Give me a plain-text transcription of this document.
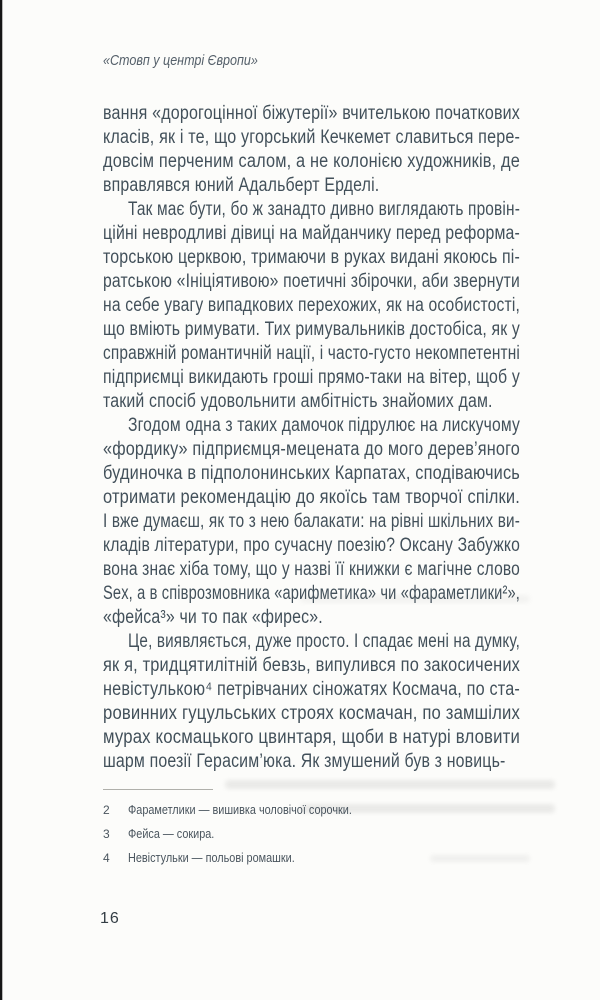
«Стовп у центрі Європи»
вання «дорогоцінної біжутерії» вчителькою початкових
класів, як і те, що угорський Кечкемет славиться пере-
довсім перченим салом, а не колонією художників, де
вправлявся юний Адальберт Ерделі.
Так має бути, бо ж занадто дивно виглядають провін-
ційні невродливі дівиці на майданчику перед реформа-
торською церквою, тримаючи в руках видані якоюсь пі-
ратською «Ініціятивою» поетичні збірочки, аби звернути
на себе увагу випадкових перехожих, як на особистості,
що вміють римувати. Тих римувальників достобіса, як у
справжній романтичній нації, і часто-густо некомпетентні
підприємці викидають гроші прямо-таки на вітер, щоб у
такий спосіб удовольнити амбітність знайомих дам.
Згодом одна з таких дамочок підрулює на лискучому
«фордику» підприємця-мецената до мого дерев’яного
будиночка в підполонинських Карпатах, сподіваючись
отримати рекомендацію до якоїсь там творчої спілки.
І вже думаєш, як то з нею балакати: на рівні шкільних ви-
кладів літератури, про сучасну поезію? Оксану Забужко
вона знає хіба тому, що у назві її книжки є магічне слово
Sex, а в співрозмовника «арифметика» чи «фараметлики²»,
«фейса³» чи то пак «фирес».
Це, виявляється, дуже просто. І спадає мені на думку,
як я, тридцятилітній бевзь, випулився по закосичених
невістулькою⁴ петрівчаних сіножатях Космача, по ста-
ровинних гуцульських строях космачан, по замшілих
мурах космацького цвинтаря, щоби в натурі вловити
шарм поезії Герасим’юка. Як змушений був з новиць-
2	Фараметлики — вишивка чоловічої сорочки.
3	Фейса — сокира.
4	Невістульки — польові ромашки.
16
